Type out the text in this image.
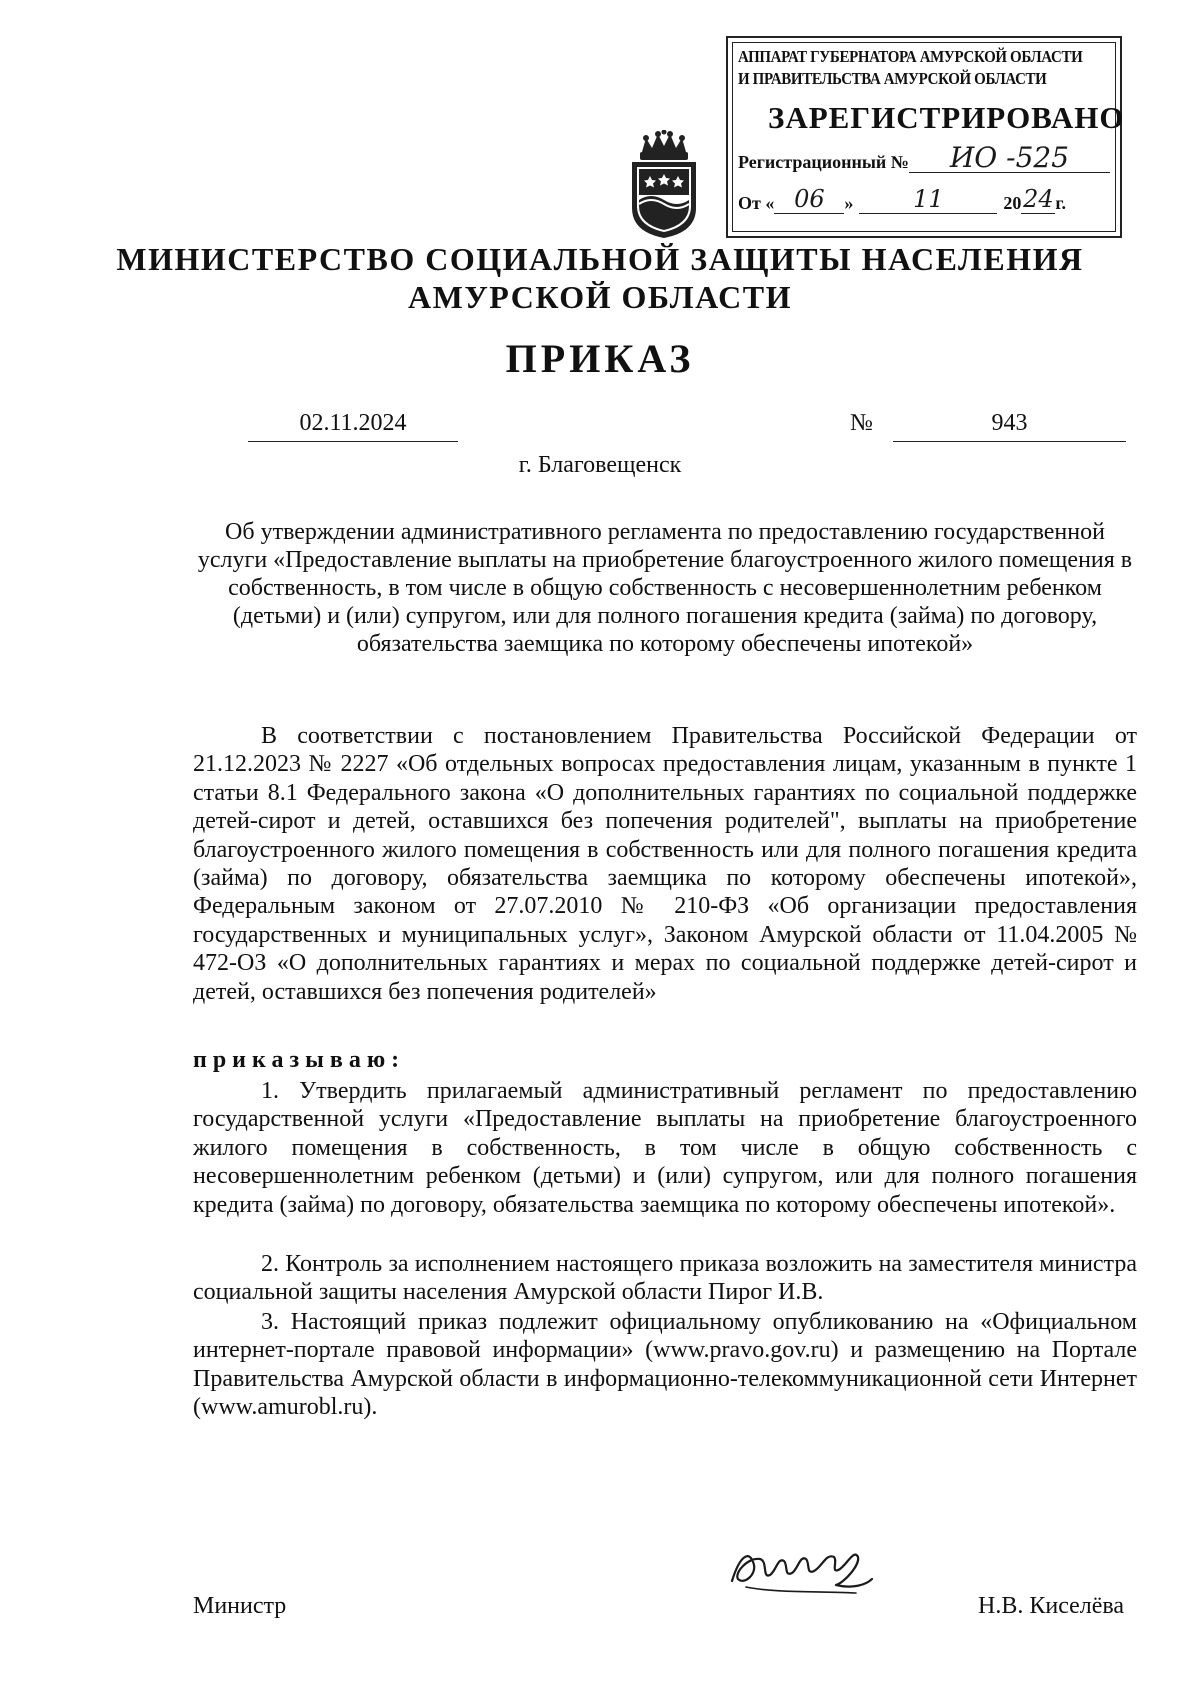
АППАРАТ ГУБЕРНАТОРА АМУРСКОЙ ОБЛАСТИ
И ПРАВИТЕЛЬСТВА АМУРСКОЙ ОБЛАСТИ
ЗАРЕГИСТРИРОВАНО
Регистрационный №	ИО -525
От « 06	»	11	20 24 г.
МИНИСТЕРСТВО СОЦИАЛЬНОЙ ЗАЩИТЫ НАСЕЛЕНИЯ
АМУРСКОЙ ОБЛАСТИ
ПРИКАЗ
02.11.2024	№	943
г. Благовещенск
Об утверждении административного регламента по предоставлению государственной услуги «Предоставление выплаты на приобретение благоустроенного жилого помещения в собственность, в том числе в общую собственность с несовершеннолетним ребенком (детьми) и (или) супругом, или для полного погашения кредита (займа) по договору, обязательства заемщика по которому обеспечены ипотекой»
В соответствии с постановлением Правительства Российской Федерации от 21.12.2023 № 2227 «Об отдельных вопросах предоставления лицам, указанным в пункте 1 статьи 8.1 Федерального закона «О дополнительных гарантиях по социальной поддержке детей-сирот и детей, оставшихся без попечения родителей", выплаты на приобретение благоустроенного жилого помещения в собственность или для полного погашения кредита (займа) по договору, обязательства заемщика по которому обеспечены ипотекой», Федеральным законом от 27.07.2010 № 210-ФЗ «Об организации предоставления государственных и муниципальных услуг», Законом Амурской области от 11.04.2005 № 472-ОЗ «О дополнительных гарантиях и мерах по социальной поддержке детей-сирот и детей, оставшихся без попечения родителей»
приказываю:
1. Утвердить прилагаемый административный регламент по предоставлению государственной услуги «Предоставление выплаты на приобретение благоустроенного жилого помещения в собственность, в том числе в общую собственность с несовершеннолетним ребенком (детьми) и (или) супругом, или для полного погашения кредита (займа) по договору, обязательства заемщика по которому обеспечены ипотекой».
2. Контроль за исполнением настоящего приказа возложить на заместителя министра социальной защиты населения Амурской области Пирог И.В.
3. Настоящий приказ подлежит официальному опубликованию на «Официальном интернет-портале правовой информации» (www.pravo.gov.ru) и размещению на Портале Правительства Амурской области в информационно-телекоммуникационной сети Интернет (www.amurobl.ru).
Министр	Н.В. Киселёва
